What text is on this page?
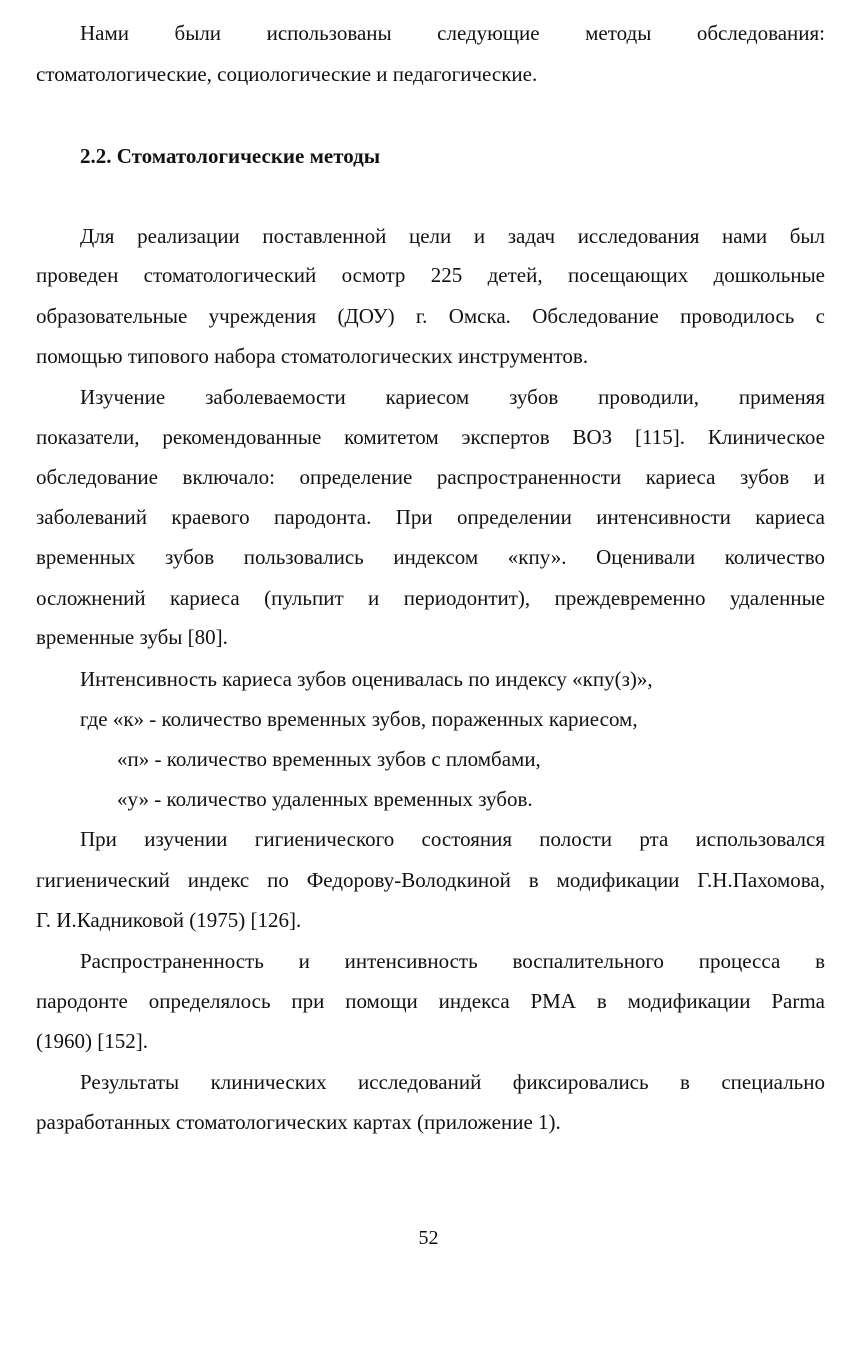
Нами были использованы следующие методы обследования:
стоматологические, социологические и педагогические.
2.2. Стоматологические методы
Для реализации поставленной цели и задач исследования нами был
проведен стоматологический осмотр 225 детей, посещающих дошкольные
образовательные учреждения (ДОУ) г. Омска. Обследование проводилось с
помощью типового набора стоматологических инструментов.
Изучение заболеваемости кариесом зубов проводили, применяя
показатели, рекомендованные комитетом экспертов ВОЗ [115]. Клиническое
обследование включало: определение распространенности кариеса зубов и
заболеваний краевого пародонта. При определении интенсивности кариеса
временных зубов пользовались индексом «кпу». Оценивали количество
осложнений кариеса (пульпит и периодонтит), преждевременно удаленные
временные зубы [80].
Интенсивность кариеса зубов оценивалась по индексу «кпу(з)»,
где «к» - количество временных зубов, пораженных кариесом,
«п» - количество временных зубов с пломбами,
«у» - количество удаленных временных зубов.
При изучении гигиенического состояния полости рта использовался
гигиенический индекс по Федорову-Володкиной в модификации Г.Н.Пахомова,
Г. И.Кадниковой (1975) [126].
Распространенность и интенсивность воспалительного процесса в
пародонте определялось при помощи индекса РМА в модификации Parma
(1960) [152].
Результаты клинических исследований фиксировались в специально
разработанных стоматологических картах (приложение 1).
52
